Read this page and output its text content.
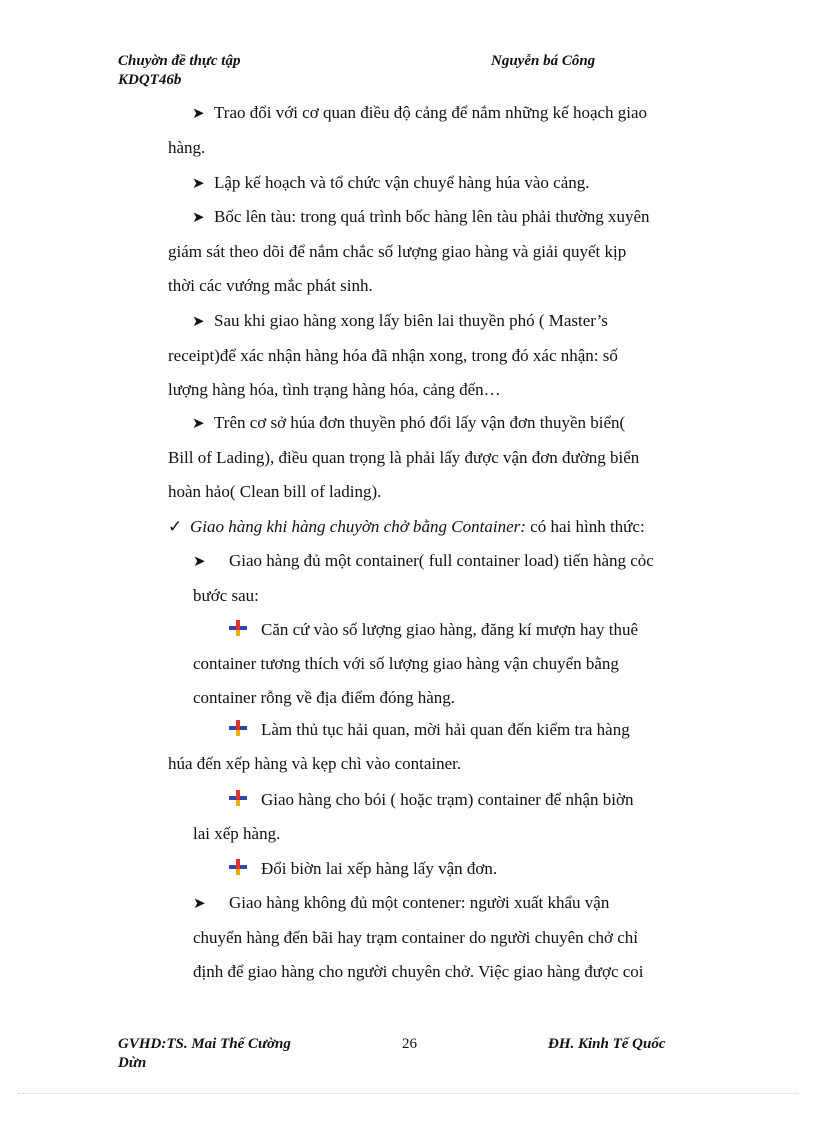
Chuyờn đề thực tập
KDQT46b
Nguyễn bá Công
➤ Trao đổi với cơ quan điều độ cảng để nắm những kế hoạch giao
hàng.
➤ Lập kế hoạch và tổ chức vận chuyể hàng húa vào cảng.
➤ Bốc lên tàu: trong quá trình bốc hàng lên tàu phải thường xuyên
giám sát theo dõi để nắm chắc số lượng giao hàng và giải quyết kịp
thời các vướng mắc phát sinh.
➤ Sau khi giao hàng xong lấy biên lai thuyền phó ( Master’s
receipt)để xác nhận hàng hóa đã nhận xong, trong đó xác nhận: số
lượng hàng hóa, tình trạng hàng hóa, cảng đến…
➤ Trên cơ sở húa đơn thuyền phó đổi lấy vận đơn thuyền biển(
Bill of Lading), điều quan trọng là phải lấy được vận đơn đường biển
hoàn hảo( Clean bill of lading).
✓ Giao hàng khi hàng chuyờn chở bằng Container: có hai hình thức:
➤ Giao hàng đủ một container( full container load) tiến hàng cỏc
bước sau:
Căn cứ vào số lượng giao hàng, đăng kí mượn hay thuê
container tương thích với số lượng giao hàng vận chuyển bằng
container rỗng về địa điểm đóng hàng.
Làm thủ tục hải quan, mời hải quan đến kiểm tra hàng
húa đến xếp hàng và kẹp chì vào container.
Giao hàng cho bói ( hoặc trạm) container để nhận biờn
lai xếp hàng.
Đổi biờn lai xếp hàng lấy vận đơn.
➤ Giao hàng không đủ một contener: người xuất khẩu vận
chuyển hàng đến bãi hay trạm container do người chuyên chở chỉ
định để giao hàng cho người chuyên chở. Việc giao hàng được coi
GVHD:TS. Mai Thế Cường
Dừn
26	ĐH. Kinh Tế Quốc
